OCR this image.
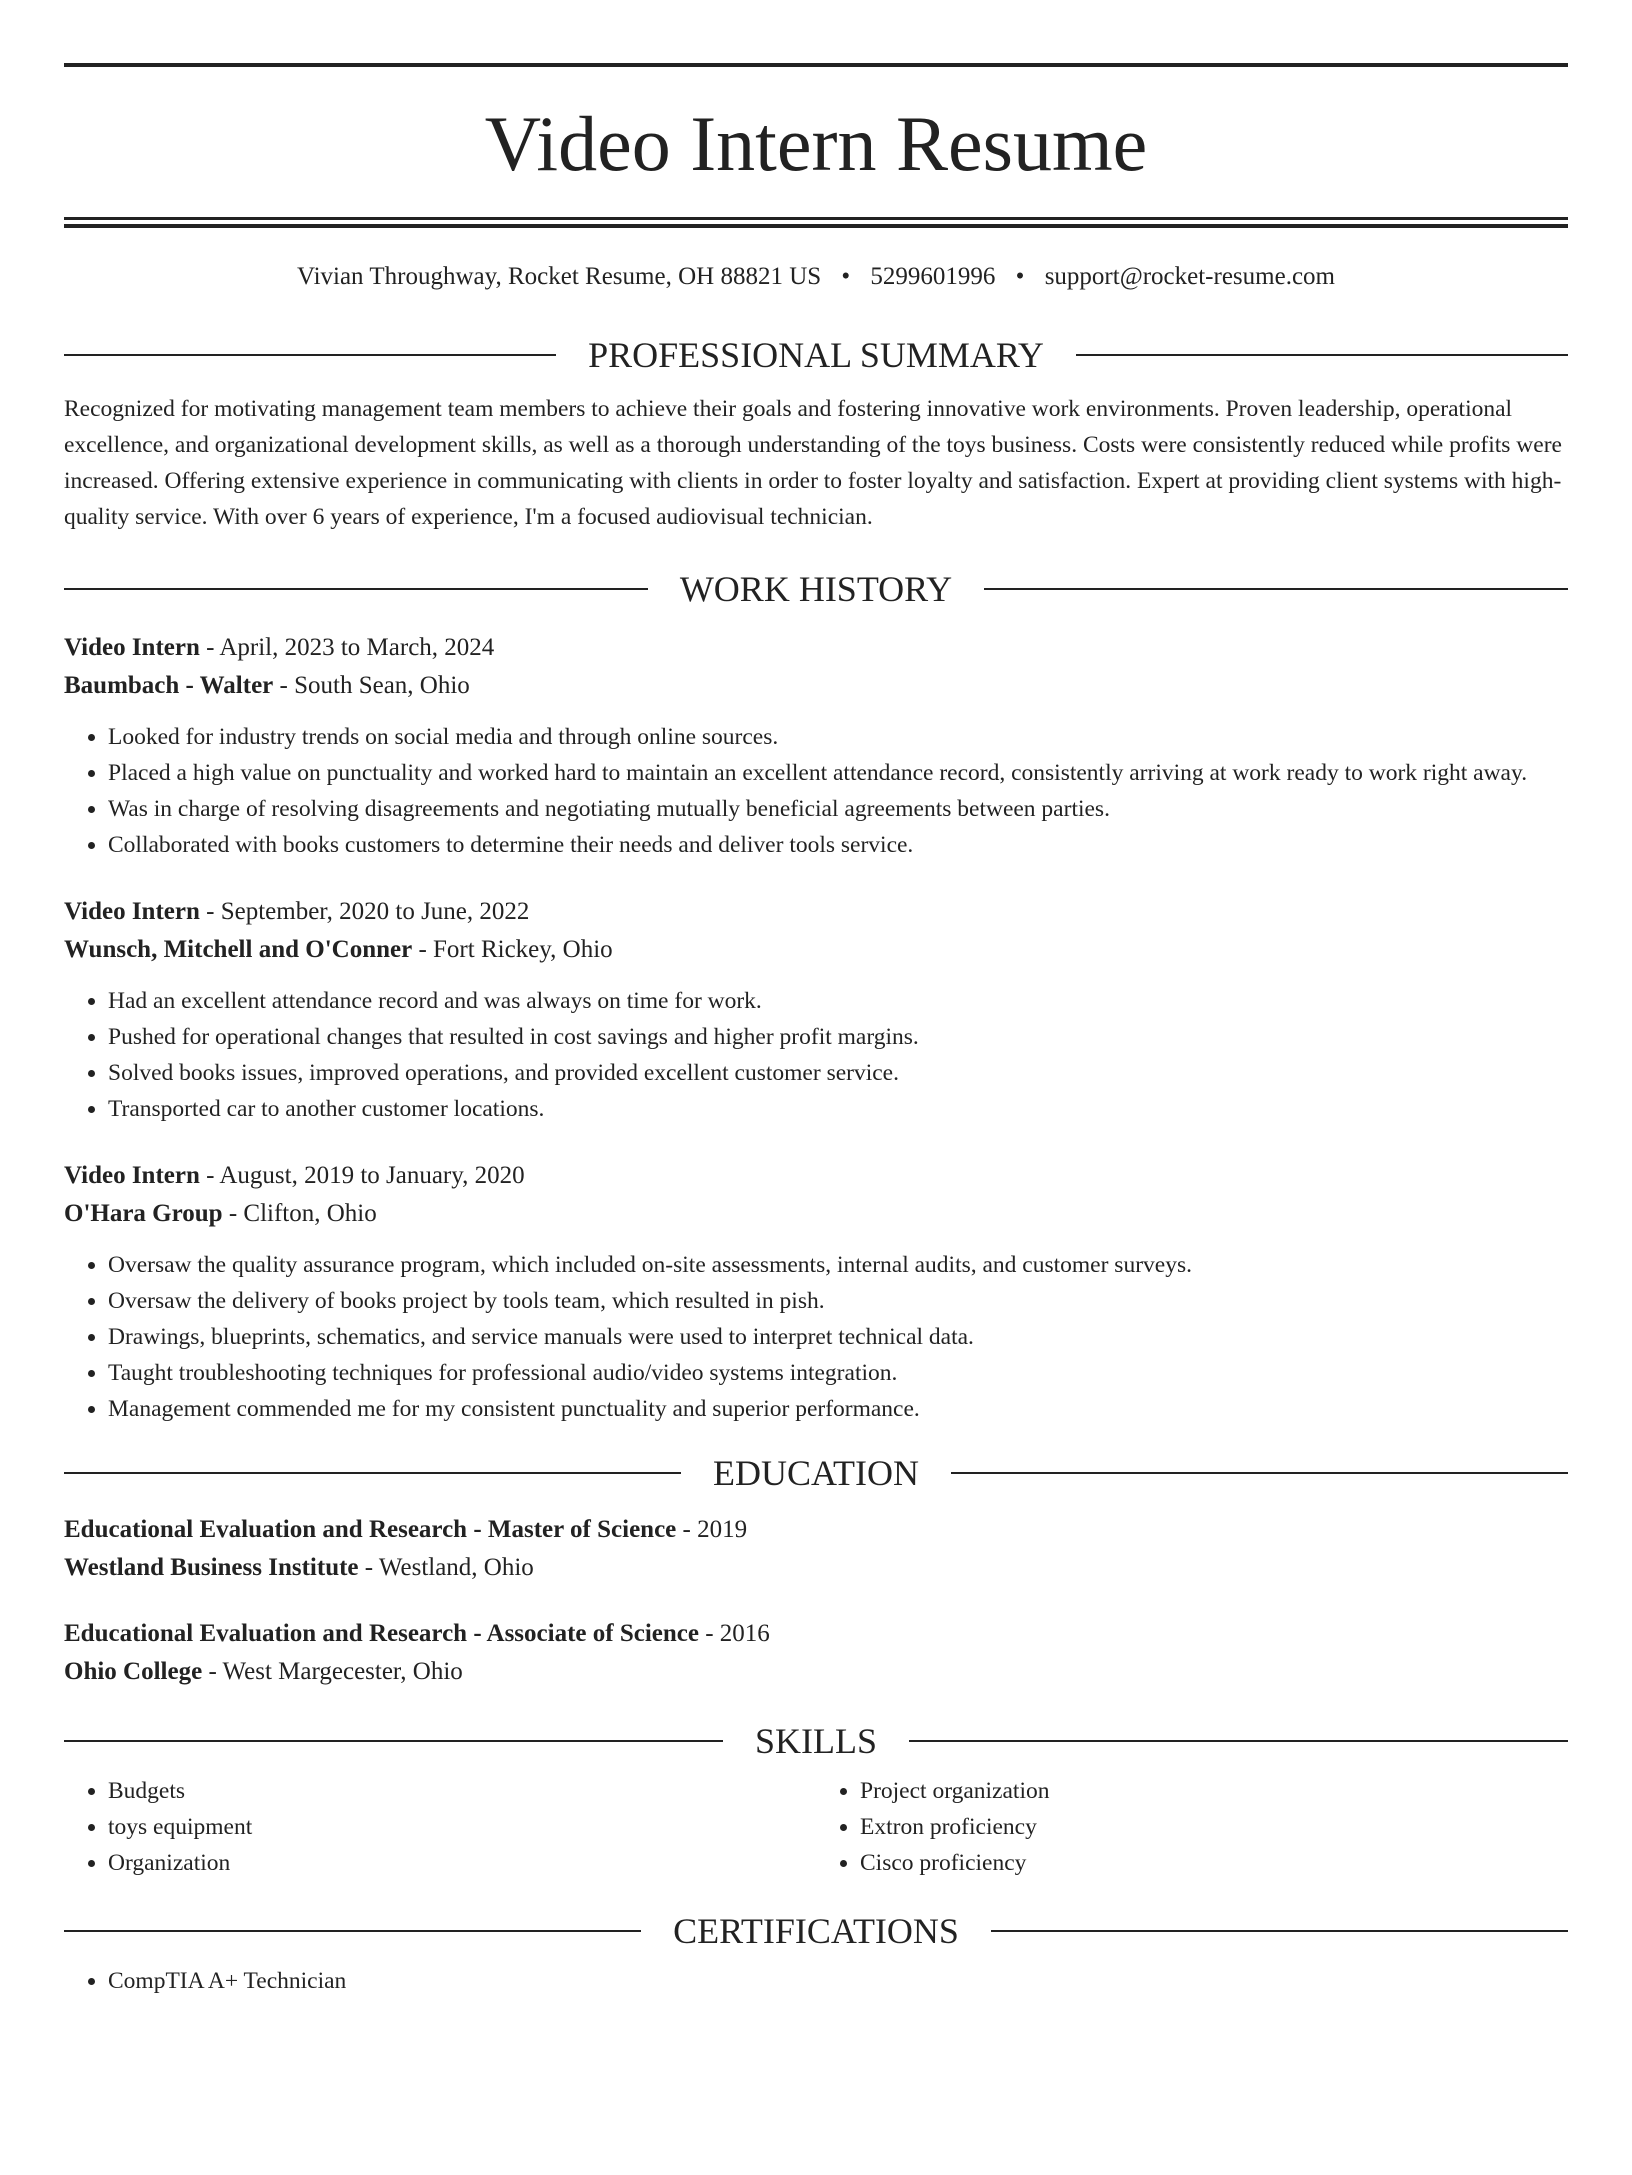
Video Intern Resume
Vivian Throughway, Rocket Resume, OH 88821 US • 5299601996 • support@rocket-resume.com
PROFESSIONAL SUMMARY
Recognized for motivating management team members to achieve their goals and fostering innovative work environments. Proven leadership, operational excellence, and organizational development skills, as well as a thorough understanding of the toys business. Costs were consistently reduced while profits were increased. Offering extensive experience in communicating with clients in order to foster loyalty and satisfaction. Expert at providing client systems with high-quality service. With over 6 years of experience, I'm a focused audiovisual technician.
WORK HISTORY
Video Intern - April, 2023 to March, 2024
Baumbach - Walter - South Sean, Ohio
• Looked for industry trends on social media and through online sources.
• Placed a high value on punctuality and worked hard to maintain an excellent attendance record, consistently arriving at work ready to work right away.
• Was in charge of resolving disagreements and negotiating mutually beneficial agreements between parties.
• Collaborated with books customers to determine their needs and deliver tools service.
Video Intern - September, 2020 to June, 2022
Wunsch, Mitchell and O'Conner - Fort Rickey, Ohio
• Had an excellent attendance record and was always on time for work.
• Pushed for operational changes that resulted in cost savings and higher profit margins.
• Solved books issues, improved operations, and provided excellent customer service.
• Transported car to another customer locations.
Video Intern - August, 2019 to January, 2020
O'Hara Group - Clifton, Ohio
• Oversaw the quality assurance program, which included on-site assessments, internal audits, and customer surveys.
• Oversaw the delivery of books project by tools team, which resulted in pish.
• Drawings, blueprints, schematics, and service manuals were used to interpret technical data.
• Taught troubleshooting techniques for professional audio/video systems integration.
• Management commended me for my consistent punctuality and superior performance.
EDUCATION
Educational Evaluation and Research - Master of Science - 2019
Westland Business Institute - Westland, Ohio
Educational Evaluation and Research - Associate of Science - 2016
Ohio College - West Margecester, Ohio
SKILLS
• Budgets
• toys equipment
• Organization
• Project organization
• Extron proficiency
• Cisco proficiency
CERTIFICATIONS
• CompTIA A+ Technician
